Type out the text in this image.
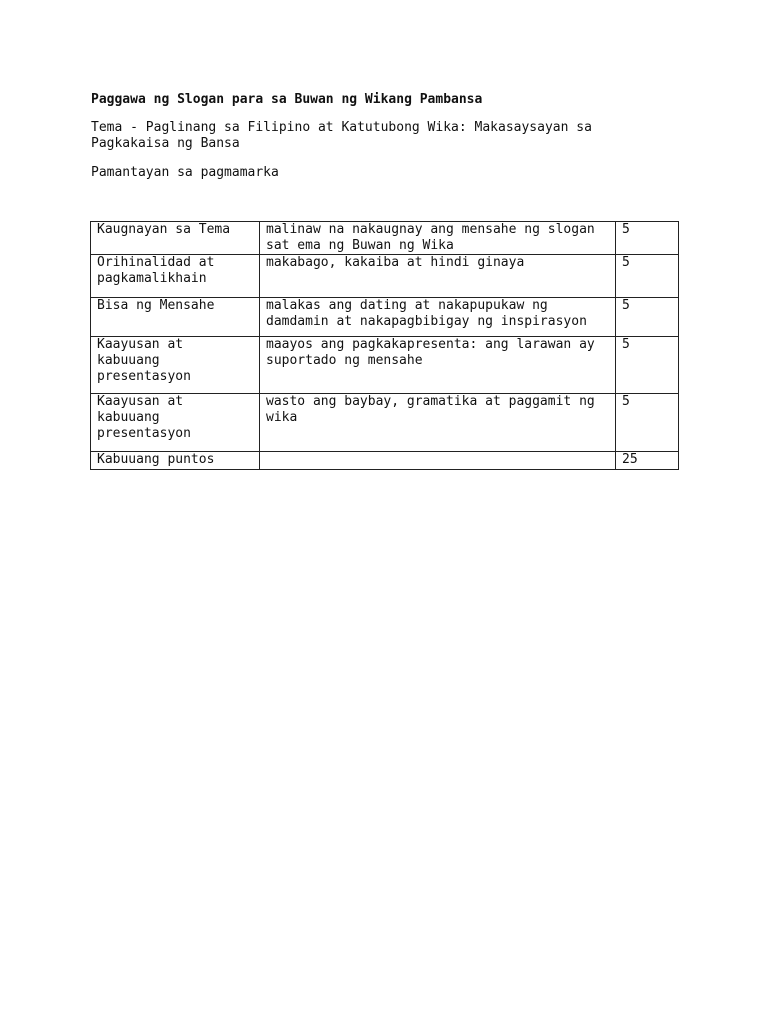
Paggawa ng Slogan para sa Buwan ng Wikang Pambansa
Tema - Paglinang sa Filipino at Katutubong Wika: Makasaysayan sa Pagkakaisa ng Bansa
Pamantayan sa pagmamarka
Kaugnayan sa Tema	malinaw na nakaugnay ang mensahe ng slogan sat ema ng Buwan ng Wika	5
Orihinalidad at pagkamalikhain	makabago, kakaiba at hindi ginaya	5
Bisa ng Mensahe	malakas ang dating at nakapupukaw ng damdamin at nakapagbibigay ng inspirasyon	5
Kaayusan at kabuuang presentasyon	maayos ang pagkakapresenta: ang larawan ay suportado ng mensahe	5
Kaayusan at kabuuang presentasyon	wasto ang baybay, gramatika at paggamit ng wika	5
Kabuuang puntos		25
